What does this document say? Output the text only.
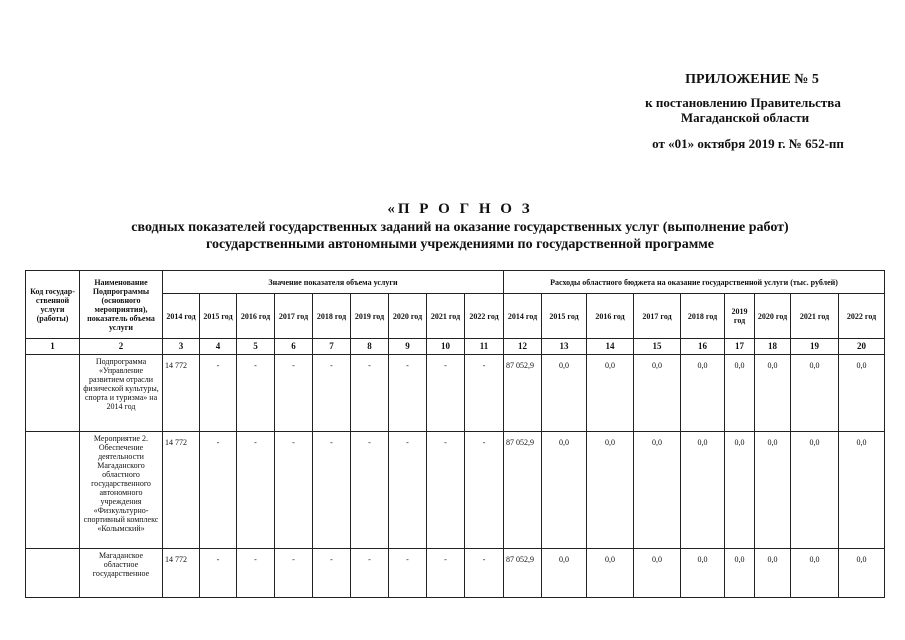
ПРИЛОЖЕНИЕ № 5
к постановлению Правительства
Магаданской области
от «01» октября 2019 г. № 652-пп
«П Р О Г Н О З
сводных показателей государственных заданий на оказание государственных услуг (выполнение работ)
государственными автономными учреждениями по государственной программе
Код государ-ственной услуги (работы)	Наименование Подпрограммы (основного мероприятия), показатель объема услуги	Значение показателя объема услуги									Расходы областного бюджета на оказание государственной услуги (тыс. рублей)								
		2014 год	2015 год	2016 год	2017 год	2018 год	2019 год	2020 год	2021 год	2022 год	2014 год	2015 год	2016 год	2017 год	2018 год	2019 год	2020 год	2021 год	2022 год
1	2	3	4	5	6	7	8	9	10	11	12	13	14	15	16	17	18	19	20
	Подпрограмма «Управление развитием отрасли физической культуры, спорта и туризма» на 2014 год	14 772	-	-	-	-	-	-	-	-	87 052,9	0,0	0,0	0,0	0,0	0,0	0,0	0,0	0,0
	Мероприятие 2. Обеспечение деятельности Магаданского областного государственного автономного учреждения «Физкультурно-спортивный комплекс «Колымский»	14 772	-	-	-	-	-	-	-	-	87 052,9	0,0	0,0	0,0	0,0	0,0	0,0	0,0	0,0
	Магаданское областное государственное	14 772	-	-	-	-	-	-	-	-	87 052,9	0,0	0,0	0,0	0,0	0,0	0,0	0,0	0,0
